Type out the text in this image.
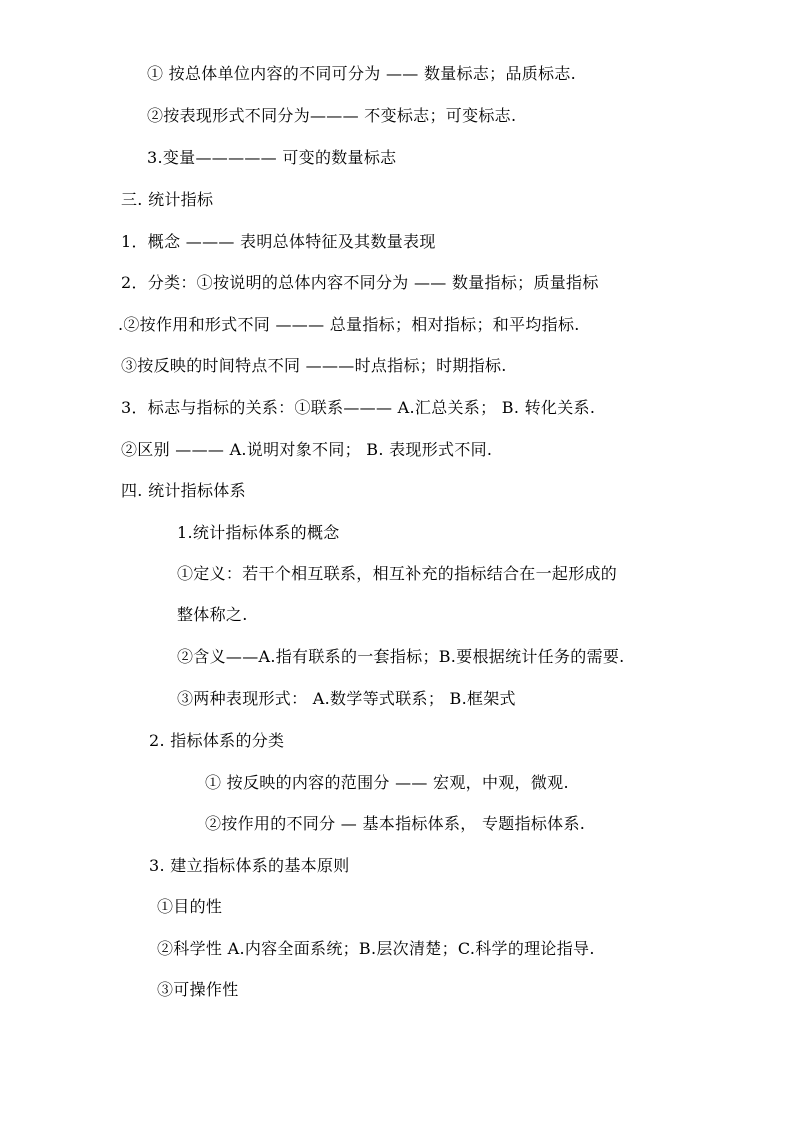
① 按总体单位内容的不同可分为 —— 数量标志；品质标志.
②按表现形式不同分为——— 不变标志；可变标志.
3.变量————— 可变的数量标志
三. 统计指标
1．概念 ——— 表明总体特征及其数量表现
2．分类：①按说明的总体内容不同分为 —— 数量指标；质量指标
.②按作用和形式不同 ——— 总量指标；相对指标；和平均指标.
③按反映的时间特点不同 ———时点指标；时期指标.
3．标志与指标的关系：①联系——— A.汇总关系； B. 转化关系.
②区别 ——— A.说明对象不同； B. 表现形式不同.
四. 统计指标体系
1.统计指标体系的概念
①定义：若干个相互联系，相互补充的指标结合在一起形成的
整体称之.
②含义——A.指有联系的一套指标；B.要根据统计任务的需要.
③两种表现形式： A.数学等式联系； B.框架式
2. 指标体系的分类
① 按反映的内容的范围分 —— 宏观，中观，微观.
②按作用的不同分 — 基本指标体系， 专题指标体系.
3. 建立指标体系的基本原则
①目的性
②科学性 A.内容全面系统；B.层次清楚；C.科学的理论指导.
③可操作性
